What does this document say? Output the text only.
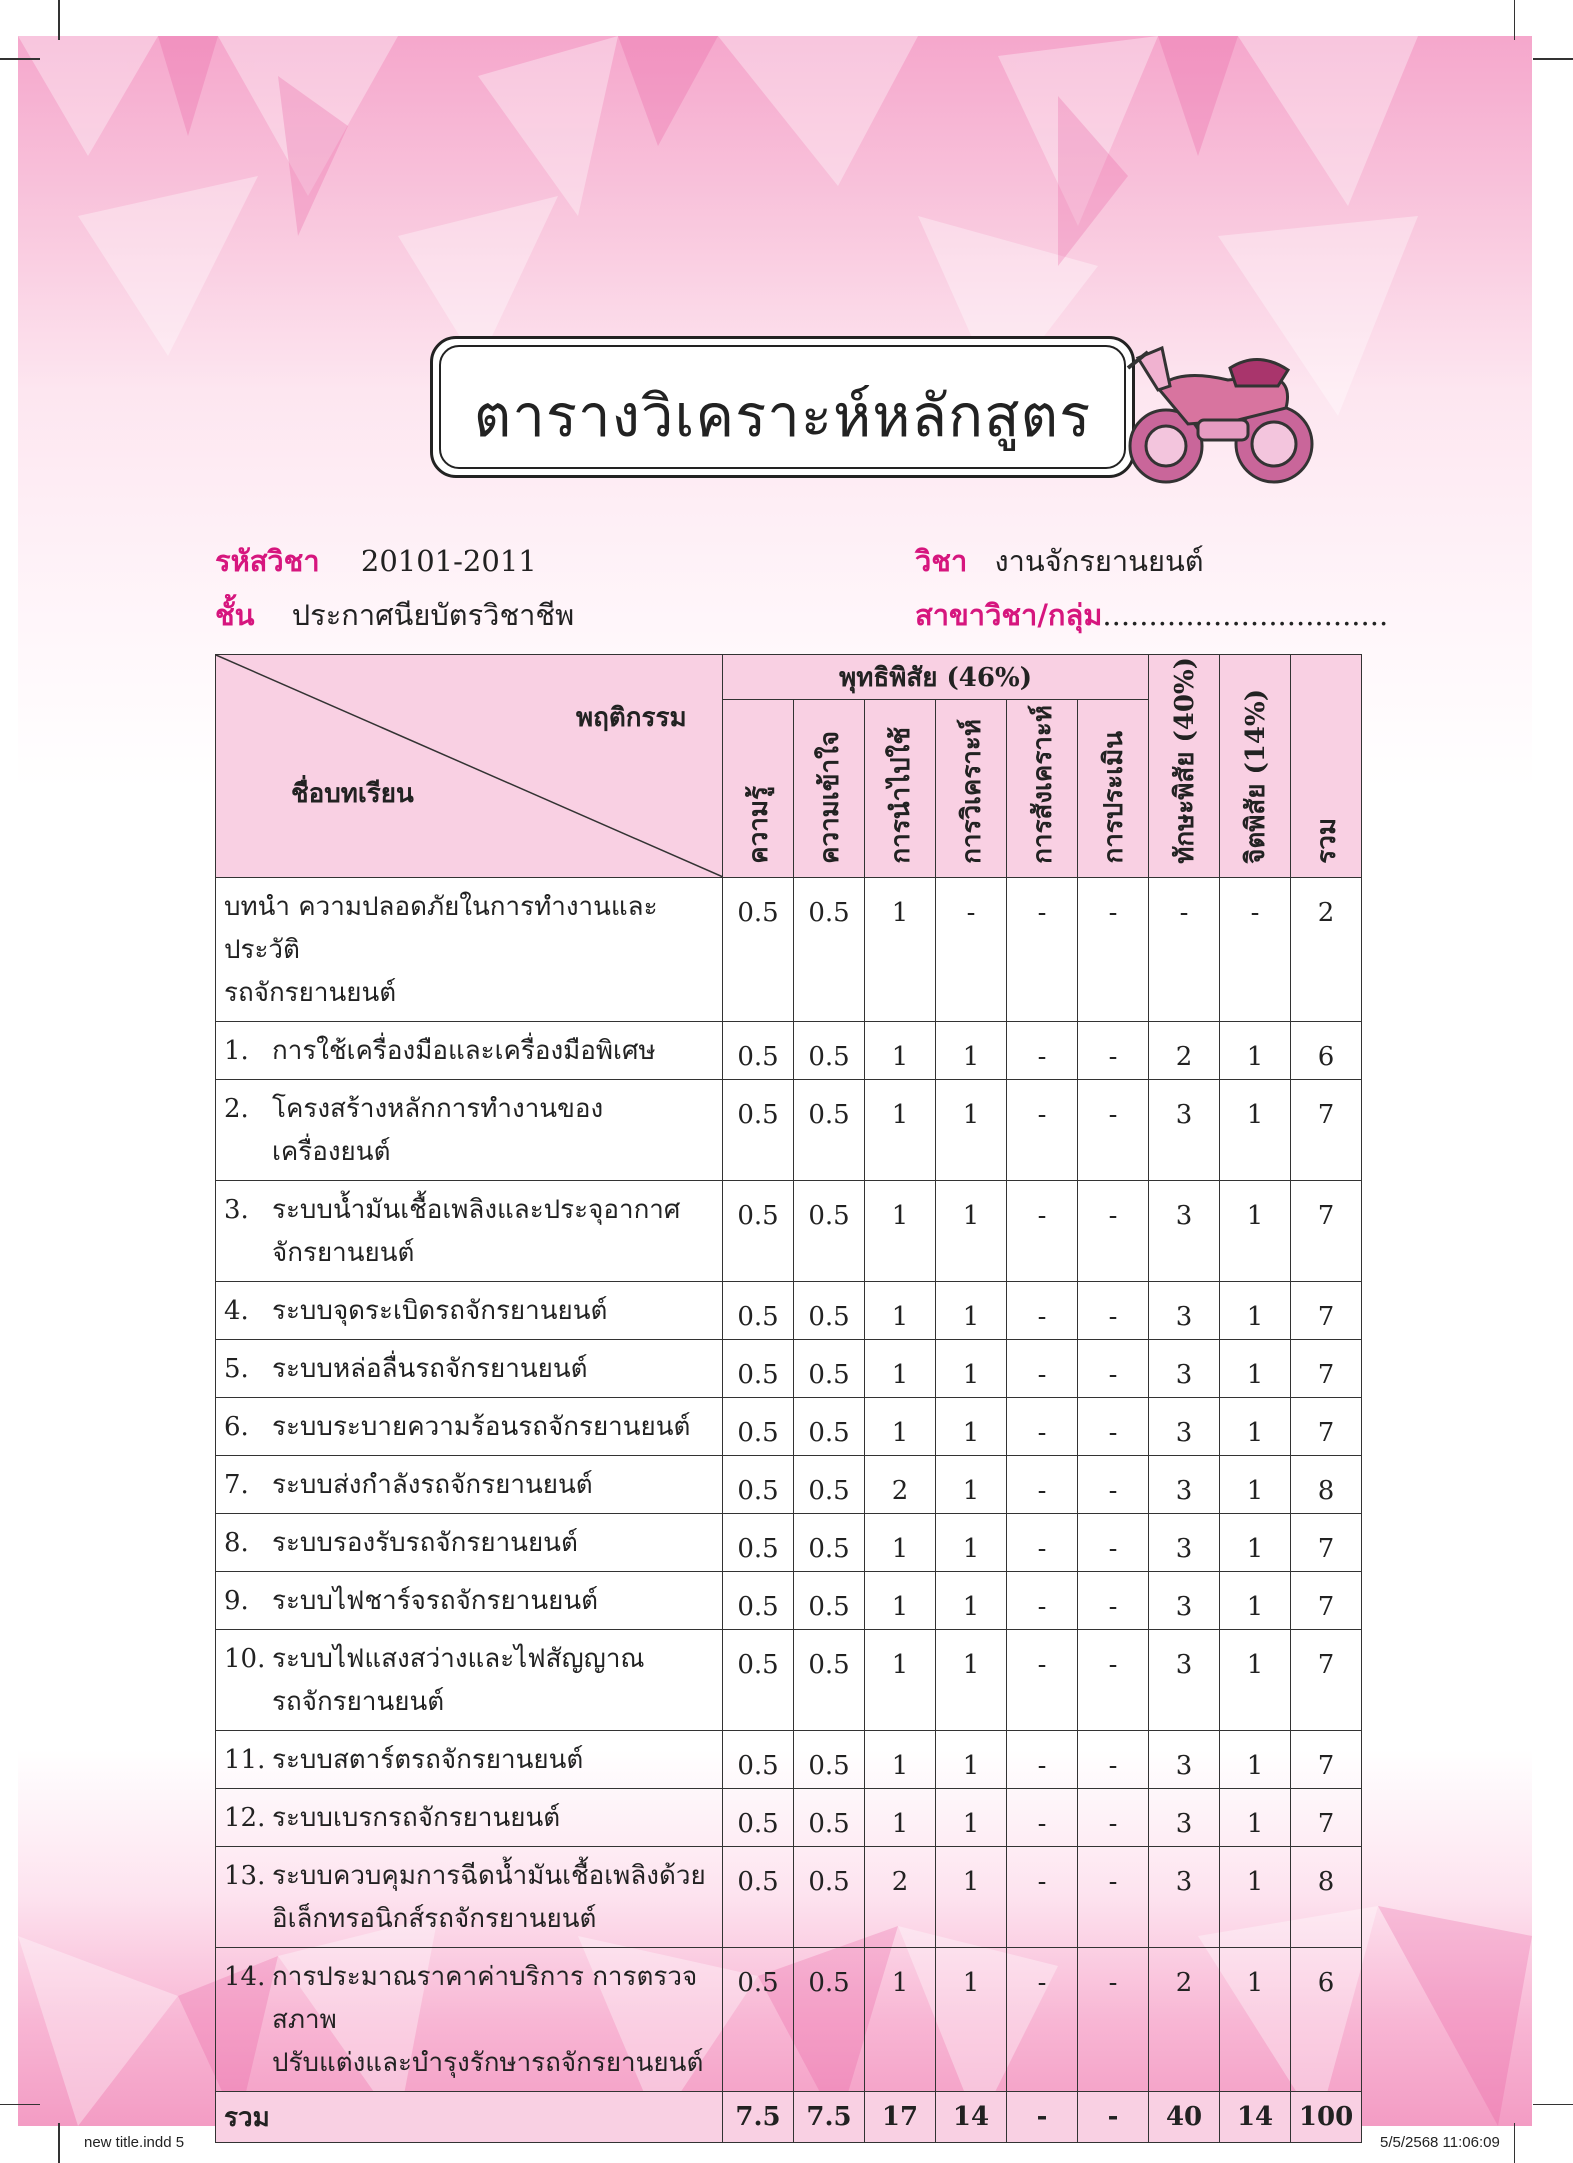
ตารางวิเคราะห์หลักสูตร
รหัสวิชา 20101-2011	วิชา งานจักรยานยนต์
ชั้น ประกาศนียบัตรวิชาชีพ	สาขาวิชา/กลุ่ม...............................
พฤติกรรม
ชื่อบทเรียน	พุทธิพิสัย (46%)						ทักษะพิสัย (40%)	จิตพิสัย (14%)	รวม
	ความรู้	ความเข้าใจ	การนำไปใช้	การวิเคราะห์	การสังเคราะห์	การประเมิน			

บทนำ ความปลอดภัยในการทำงานและประวัติ
รถจักรยานยนต์	0.5	0.5	1	-	-	-	-	-	2

1. การใช้เครื่องมือและเครื่องมือพิเศษ	0.5	0.5	1	1	-	-	2	1	6

2. โครงสร้างหลักการทำงานของเครื่องยนต์	0.5	0.5	1	1	-	-	3	1	7

3. ระบบน้ำมันเชื้อเพลิงและประจุอากาศ
จักรยานยนต์	0.5	0.5	1	1	-	-	3	1	7

4. ระบบจุดระเบิดรถจักรยานยนต์	0.5	0.5	1	1	-	-	3	1	7

5. ระบบหล่อลื่นรถจักรยานยนต์	0.5	0.5	1	1	-	-	3	1	7

6. ระบบระบายความร้อนรถจักรยานยนต์	0.5	0.5	1	1	-	-	3	1	7

7. ระบบส่งกำลังรถจักรยานยนต์	0.5	0.5	2	1	-	-	3	1	8

8. ระบบรองรับรถจักรยานยนต์	0.5	0.5	1	1	-	-	3	1	7

9. ระบบไฟชาร์จรถจักรยานยนต์	0.5	0.5	1	1	-	-	3	1	7

10. ระบบไฟแสงสว่างและไฟสัญญาณ
รถจักรยานยนต์	0.5	0.5	1	1	-	-	3	1	7

11. ระบบสตาร์ตรถจักรยานยนต์	0.5	0.5	1	1	-	-	3	1	7

12. ระบบเบรกรถจักรยานยนต์	0.5	0.5	1	1	-	-	3	1	7

13. ระบบควบคุมการฉีดน้ำมันเชื้อเพลิงด้วย
อิเล็กทรอนิกส์รถจักรยานยนต์	0.5	0.5	2	1	-	-	3	1	8

14. การประมาณราคาค่าบริการ การตรวจสภาพ
ปรับแต่งและบำรุงรักษารถจักรยานยนต์	0.5	0.5	1	1	-	-	2	1	6
รวม	7.5	7.5	17	14	-	-	40	14	100
new title.indd 5	5/5/2568 11:06:09
